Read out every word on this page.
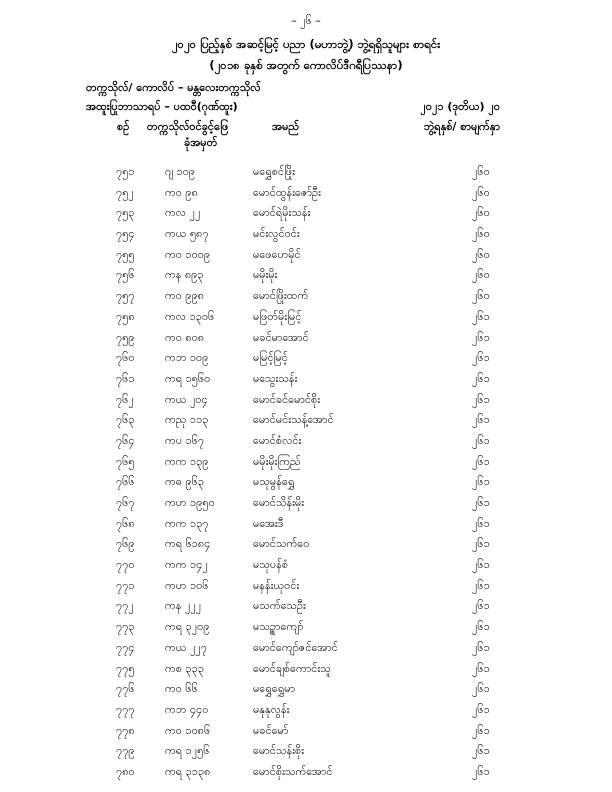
– ၂၆ –
၂၀၂၀ ပြည့်နှစ် အဆင့်မြင့် ပညာ (မဟာဘွဲ့) ဘွဲ့ရရှိသူများ စာရင်း
(၂၀၁၈ ခုနှစ် အတွက် ကောလိပ်ဒီဂရီပြဿနာ)
တက္ကသိုလ်/ ကောလိပ် – မန္တလေးတက္ကသိုလ်
အထူးပြုဘာသာရပ် – ပထဝီ(ဂုဏ်ထူး)	၂၀၂၁ (ဒုတိယ) ၂၀
စဉ် တက္ကသိုလ်ဝင်ခွင့်ဖြေ
ခုံအမှတ်
အမည်	ဘွဲ့ရနှစ်/ စာမျက်နှာ
၇၅၁	ဂျ ၁၀၉	မရွှေစင်ဖြိုး	၂၆၀
၇၅၂	ကဝ ၉၈	မောင်ထွန်းဇော်ဦး	၂၆၀
၇၅၃	ကလ ၂၂	မောင်ရဲမိုးသန်း	၂၆၀
၇၅၄	ကယ ၅၈၇	မင်းလွင်ဝင်း	၂၆၀
၇၅၅	ကဝ ၁၀၀၉	မဖေဟေမိုင်	၂၆၀
၇၅၆	ကန ၈၉၃	မမိုးမိုး	၂၆၀
၇၅၇	ကဝ ၉၉၈	မောင်ဖြိုးထက်	၂၆၀
၇၅၈	ကလ ၁၃၀၆	မဖြတ်မိုးမြင့်	၂၆၁
၇၅၉	ကဝ ၈၀၈	မခင်မာအောင်	၂၆၁
၇၆၀	ကဘ ၁၀၉	မမြင့်မြင့်	၂၆၁
၇၆၁	ကရ ၁၅၆၀	မသွေးသန်း	၂၆၁
၇၆၂	ကယ ၂၀၄	မောင်ခင်မောင်စိုး	၂၆၁
၇၆၃	ကညု ၁၁၃	မောင်မင်းသန့်အောင်	၂၆၁
၇၆၄	ကပ ၁၆၇	မောင်စံလင်း	၂၆၁
၇၆၅	ကက ၁၃၉	မမိုးမိုးကြည်	၂၆၁
၇၆၆	ကဓ ၉၆၃	မသုမွန်ရွှေ	၂၆၁
၇၆၇	ကဟ ၁၉၅၀	မောင်သိန်းမိုး	၂၆၁
၇၆၈	ကက ၁၃၇	မအေးဒီ	၂၆၁
၇၆၉	ကရ ၆၁၈၄	မောင်သက်ဝေ	၂၆၁
၇၇၀	ကက ၁၄၂	မသုပန်စံ	၂၆၁
၇၇၁	ကဟ ၁၀၆	မနန်းယုဝင်း	၂၆၁
၇၇၂	ကန ၂၂၂	မသက်သေဦး	၂၆၁
၇၇၃	ကရ ၃၂၀၉	မသဉ္စာကျော်	၂၆၁
၇၇၄	ကယ ၂၂၇	မောင်ကျော်ဇင်အောင်	၂၆၁
၇၇၅	ကစ ၃၃၃	မောင်ချစ်ကောင်းသူ	၂၆၁
၇၇၆	ကဝ ၆၆	မရွှေရွှေမာ	၂၆၁
၇၇၇	ကဘ ၄၄၀	မနုနုလွန်း	၂၆၁
၇၇၈	ကဝ ၁၀၈၆	မခင်မော်	၂၆၁
၇၇၉	ကရ ၁၂၅၆	မောင်သန်းစိုး	၂၆၁
၇၈၀	ကရ ၃၁၃၈	မောင်စိုးသက်အောင်	၂၆၁
